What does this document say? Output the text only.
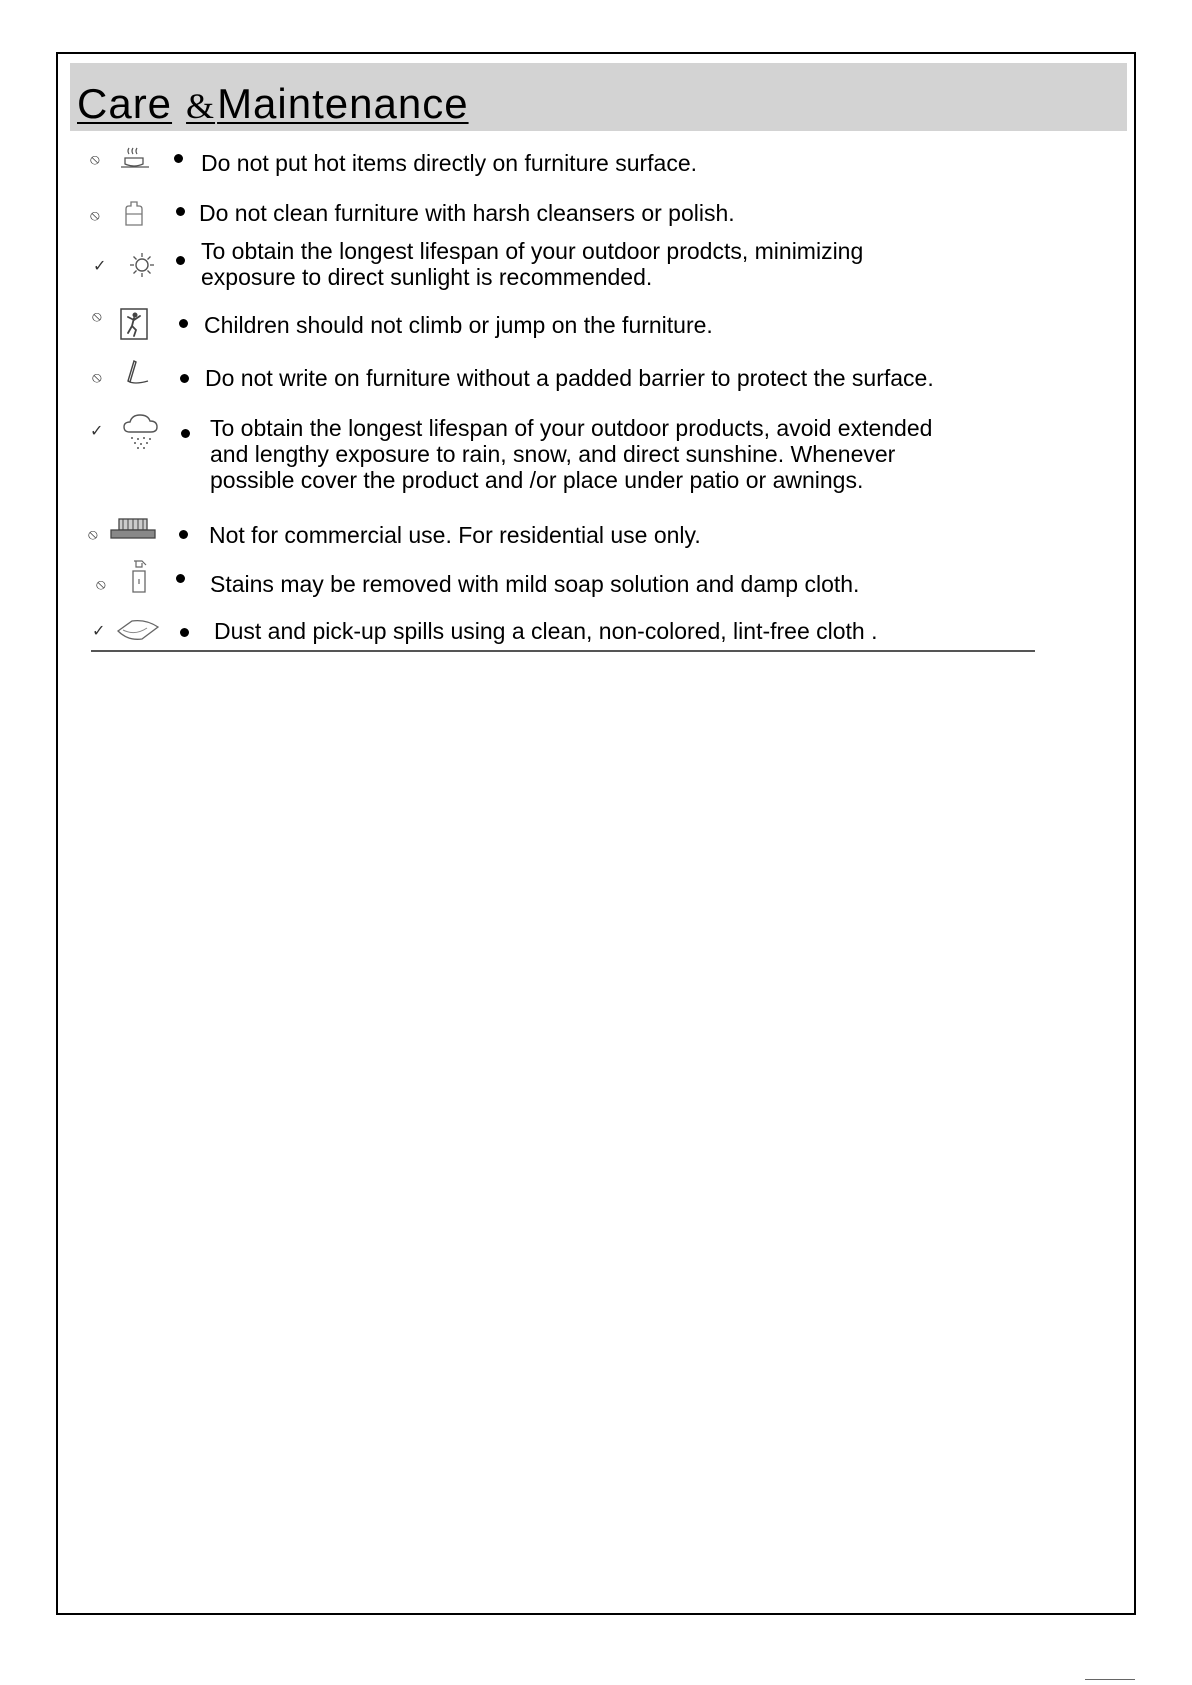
Care &Maintenance
⦸	Do not put hot items directly on furniture surface.
⦸	Do not clean furniture with harsh cleansers or polish.
✓
To obtain the longest lifespan of your outdoor prodcts, minimizing
exposure to direct sunlight is recommended.
⦸	Children should not climb or jump on the furniture.
⦸	Do not write on furniture without a padded barrier to protect the surface.
✓	To obtain the longest lifespan of your outdoor products, avoid extended
and lengthy exposure to rain, snow, and direct sunshine. Whenever
possible cover the product and /or place under patio or awnings.
⦸	Not for commercial use. For residential use only.
⦸	Stains may be removed with mild soap solution and damp cloth.
✓	Dust and pick-up spills using a clean, non-colored, lint-free cloth .
